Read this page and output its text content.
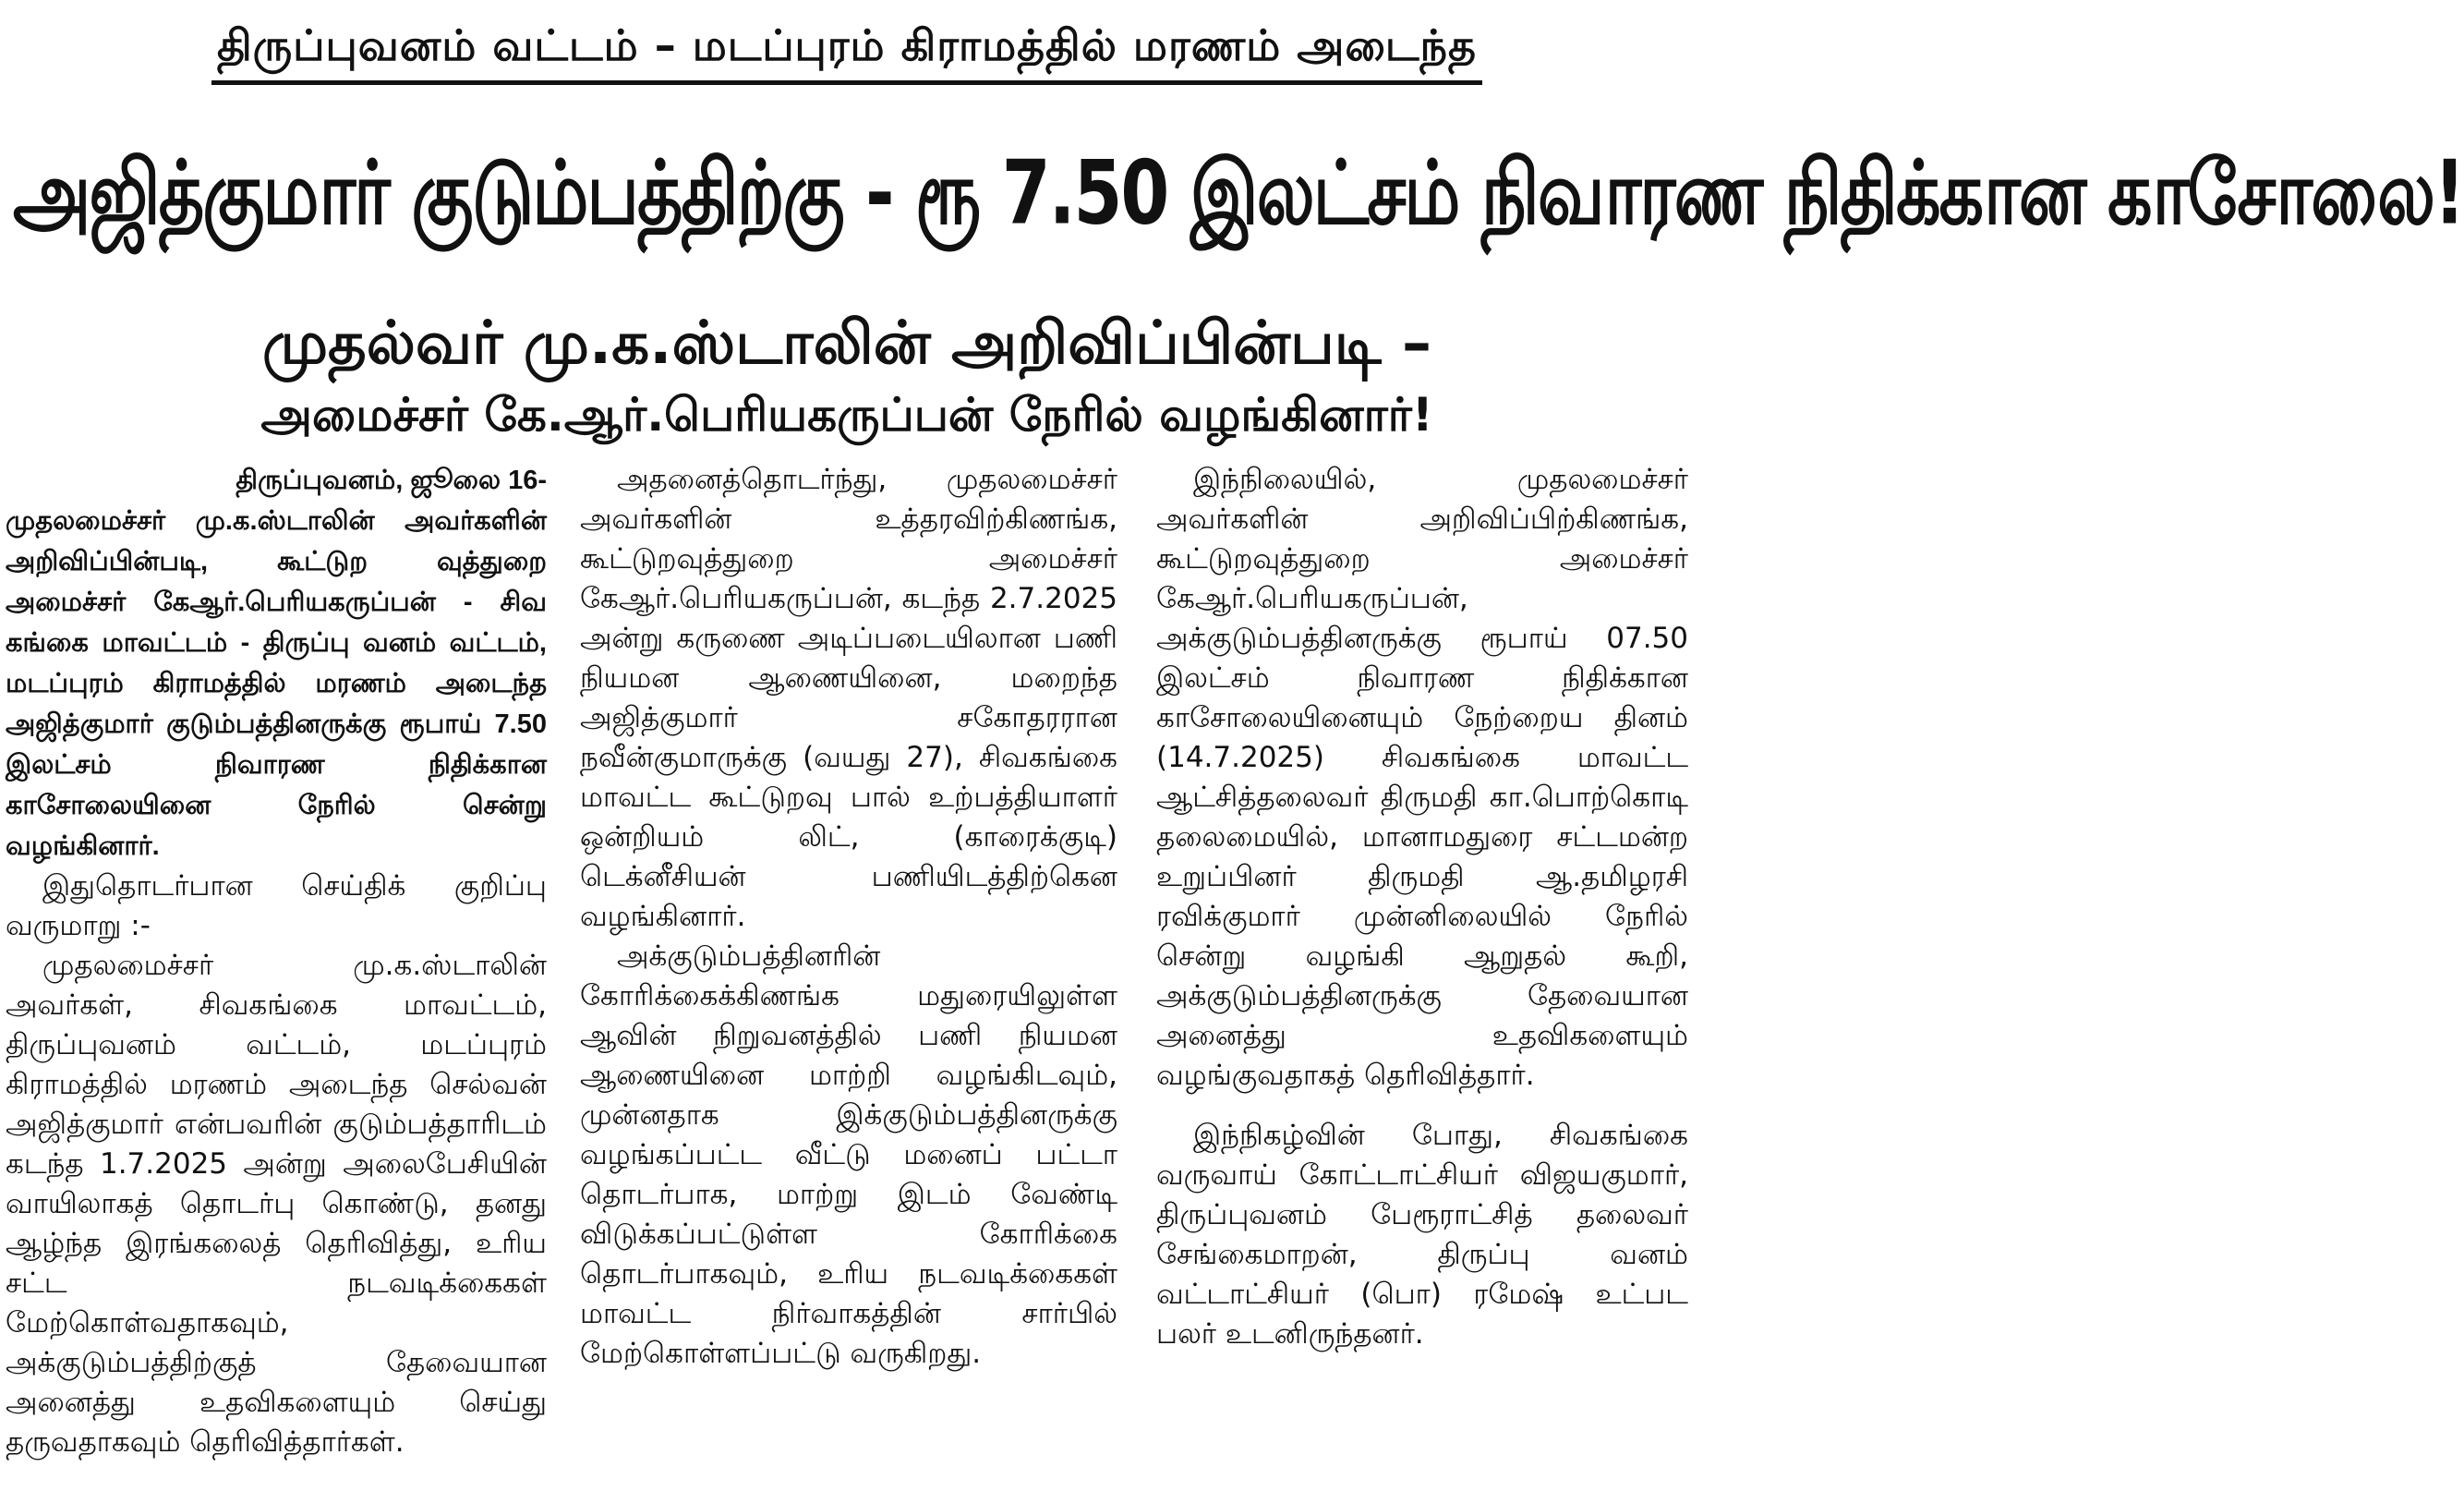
திருப்புவனம் வட்டம் – மடப்புரம் கிராமத்தில் மரணம் அடைந்த
அஜித்குமார் குடும்பத்திற்கு - ரூ 7.50 இலட்சம் நிவாரண நிதிக்கான காசோலை!
முதல்வர் மு.க.ஸ்டாலின் அறிவிப்பின்படி –
அமைச்சர் கே.ஆர்.பெரியகருப்பன் நேரில் வழங்கினார்!
திருப்புவனம், ஜூலை 16-
முதலமைச்சர் மு.க.ஸ்டாலின் அவர்களின் அறிவிப்பின்படி, கூட்டுற வுத்துறை அமைச்சர் கேஆர்.பெரியகருப்பன் - சிவ கங்கை மாவட்டம் - திருப்பு வனம் வட்டம், மடப்புரம் கிராமத்தில் மரணம் அடைந்த அஜித்குமார் குடும்பத்தினருக்கு ரூபாய் 7.50 இலட்சம் நிவாரண நிதிக்கான காசோலையினை நேரில் சென்று வழங்கினார்.

இதுதொடர்பான செய்திக் குறிப்பு வருமாறு :-

முதலமைச்சர் மு.க.ஸ்டாலின் அவர்கள், சிவகங்கை மாவட்டம், திருப்புவனம் வட்டம், மடப்புரம் கிராமத்தில் மரணம் அடைந்த செல்வன் அஜித்குமார் என்பவரின் குடும்பத்தாரிடம் கடந்த 1.7.2025 அன்று அலைபேசியின் வாயிலாகத் தொடர்பு கொண்டு, தனது ஆழ்ந்த இரங்கலைத் தெரிவித்து, உரிய சட்ட நடவடிக்கைகள் மேற்கொள்வதாகவும், அக்குடும்பத்திற்குத் தேவையான அனைத்து உதவிகளையும் செய்து தருவதாகவும் தெரிவித்தார்கள்.

அதனைத்தொடர்ந்து, முதலமைச்சர் அவர்களின் உத்தரவிற்கிணங்க, கூட்டுறவுத்துறை அமைச்சர் கேஆர்.பெரியகருப்பன், கடந்த 2.7.2025 அன்று கருணை அடிப்படையிலான பணி நியமன ஆணையினை, மறைந்த அஜித்குமார் சகோதரரான நவீன்குமாருக்கு (வயது 27), சிவகங்கை மாவட்ட கூட்டுறவு பால் உற்பத்தியாளர் ஒன்றியம் லிட், (காரைக்குடி) டெக்னீசியன் பணியிடத்திற்கென வழங்கினார்.

அக்குடும்பத்தினரின் கோரிக்கைக்கிணங்க மதுரையிலுள்ள ஆவின் நிறுவனத்தில் பணி நியமன ஆணையினை மாற்றி வழங்கிடவும், முன்னதாக இக்குடும்பத்தினருக்கு வழங்கப்பட்ட வீட்டு மனைப் பட்டா தொடர்பாக, மாற்று இடம் வேண்டி விடுக்கப்பட்டுள்ள கோரிக்கை தொடர்பாகவும், உரிய நடவடிக்கைகள் மாவட்ட நிர்வாகத்தின் சார்பில் மேற்கொள்ளப்பட்டு வருகிறது.

இந்நிலையில், முதலமைச்சர் அவர்களின் அறிவிப்பிற்கிணங்க, கூட்டுறவுத்துறை அமைச்சர் கேஆர்.பெரியகருப்பன், அக்குடும்பத்தினருக்கு ரூபாய் 07.50 இலட்சம் நிவாரண நிதிக்கான காசோலையினையும் நேற்றைய தினம் (14.7.2025) சிவகங்கை மாவட்ட ஆட்சித்தலைவர் திருமதி கா.பொற்கொடி தலைமையில், மானாமதுரை சட்டமன்ற உறுப்பினர் திருமதி ஆ.தமிழரசி ரவிக்குமார் முன்னிலையில் நேரில் சென்று வழங்கி ஆறுதல் கூறி, அக்குடும்பத்தினருக்கு தேவையான அனைத்து உதவிகளையும் வழங்குவதாகத் தெரிவித்தார்.

இந்நிகழ்வின் போது, சிவகங்கை வருவாய் கோட்டாட்சியர் விஜயகுமார், திருப்புவனம் பேரூராட்சித் தலைவர் சேங்கைமாறன், திருப்பு வனம் வட்டாட்சியர் (பொ) ரமேஷ் உட்பட பலர் உடனிருந்தனர்.
